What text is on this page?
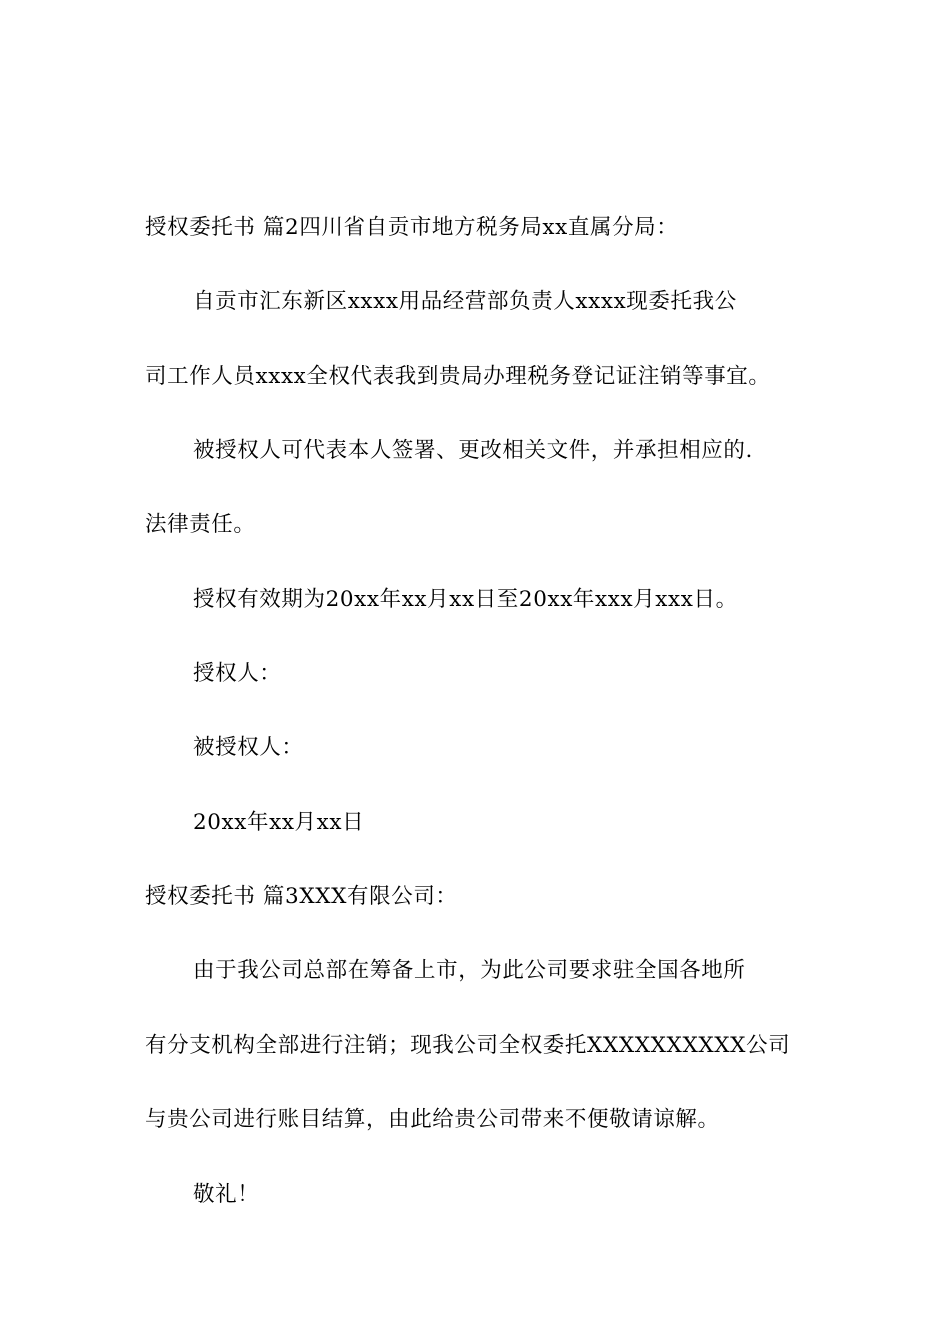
授权委托书 篇2四川省自贡市地方税务局xx直属分局：
自贡市汇东新区xxxx用品经营部负责人xxxx现委托我公
司工作人员xxxx全权代表我到贵局办理税务登记证注销等事宜。
被授权人可代表本人签署、更改相关文件，并承担相应的.
法律责任。
授权有效期为20xx年xx月xx日至20xx年xxx月xxx日。
授权人：
被授权人：
20xx年xx月xx日
授权委托书 篇3XXX有限公司：
由于我公司总部在筹备上市，为此公司要求驻全国各地所
有分支机构全部进行注销；现我公司全权委托XXXXXXXXXX公司
与贵公司进行账目结算，由此给贵公司带来不便敬请谅解。
敬礼！
